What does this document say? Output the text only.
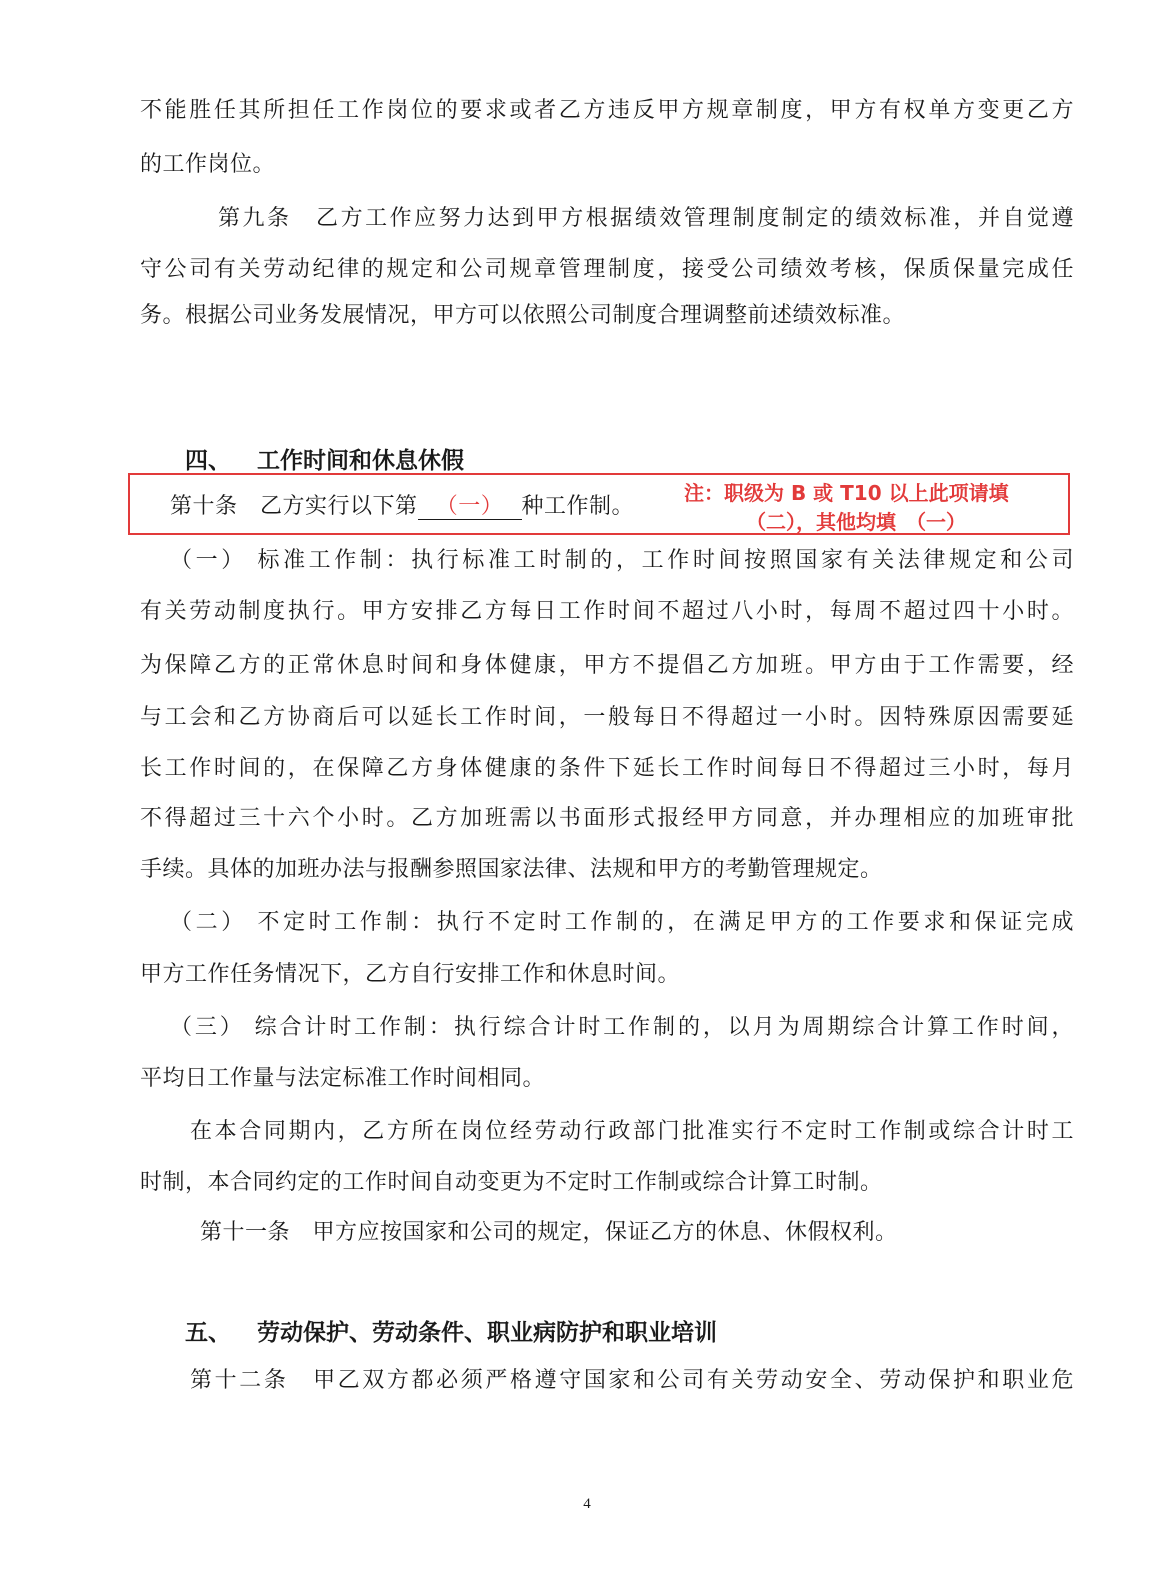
不能胜任其所担任工作岗位的要求或者乙方违反甲方规章制度，甲方有权单方变更乙方
的工作岗位。
第九条　乙方工作应努力达到甲方根据绩效管理制度制定的绩效标准，并自觉遵
守公司有关劳动纪律的规定和公司规章管理制度，接受公司绩效考核，保质保量完成任
务。根据公司业务发展情况，甲方可以依照公司制度合理调整前述绩效标准。
四、 工作时间和休息休假
第十条　乙方实行以下第 （一） 种工作制。
注：职级为 B 或 T10 以上此项请填
（二），其他均填　（一）
（一） 标准工作制：执行标准工时制的，工作时间按照国家有关法律规定和公司
有关劳动制度执行。甲方安排乙方每日工作时间不超过八小时，每周不超过四十小时。
为保障乙方的正常休息时间和身体健康，甲方不提倡乙方加班。甲方由于工作需要，经
与工会和乙方协商后可以延长工作时间，一般每日不得超过一小时。因特殊原因需要延
长工作时间的，在保障乙方身体健康的条件下延长工作时间每日不得超过三小时，每月
不得超过三十六个小时。乙方加班需以书面形式报经甲方同意，并办理相应的加班审批
手续。具体的加班办法与报酬参照国家法律、法规和甲方的考勤管理规定。
（二） 不定时工作制：执行不定时工作制的，在满足甲方的工作要求和保证完成
甲方工作任务情况下，乙方自行安排工作和休息时间。
（三） 综合计时工作制：执行综合计时工作制的，以月为周期综合计算工作时间，
平均日工作量与法定标准工作时间相同。
在本合同期内，乙方所在岗位经劳动行政部门批准实行不定时工作制或综合计时工
时制，本合同约定的工作时间自动变更为不定时工作制或综合计算工时制。
第十一条　甲方应按国家和公司的规定，保证乙方的休息、休假权利。
五、 劳动保护、劳动条件、职业病防护和职业培训
第十二条　甲乙双方都必须严格遵守国家和公司有关劳动安全、劳动保护和职业危
4
